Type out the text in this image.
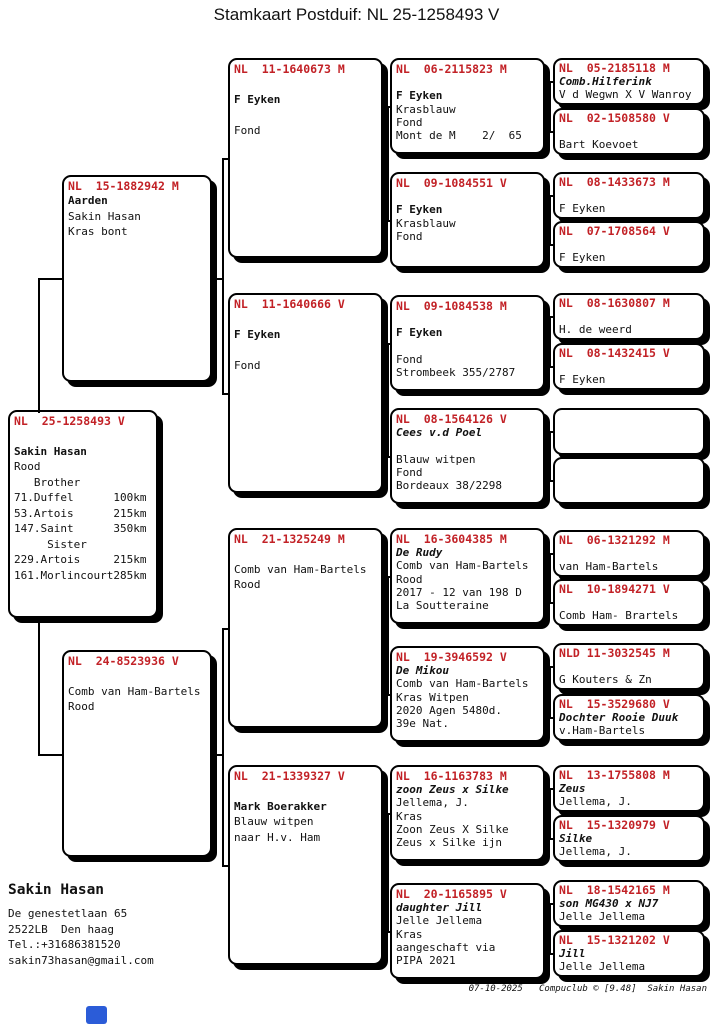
Stamkaart Postduif: NL 25-1258493 V
NL  25-1258493 V

Sakin Hasan
Rood
Brother
71.Duffel      100km
53.Artois      215km
147.Saint      350km
Sister
229.Artois     215km
161.Morlincourt285km
NL  15-1882942 M
Aarden
Sakin Hasan
Kras bont
NL  24-8523936 V

Comb van Ham-Bartels
Rood
NL  11-1640673 M

F Eyken

Fond
NL  11-1640666 V

F Eyken

Fond
NL  21-1325249 M

Comb van Ham-Bartels
Rood
NL  21-1339327 V

Mark Boerakker
Blauw witpen
naar H.v. Ham
NL  06-2115823 M

F Eyken
Krasblauw
Fond
Mont de M    2/  65
NL  09-1084551 V

F Eyken
Krasblauw
Fond
NL  09-1084538 M

F Eyken

Fond
Strombeek 355/2787
NL  08-1564126 V
Cees v.d Poel

Blauw witpen
Fond
Bordeaux 38/2298
NL  16-3604385 M
De Rudy
Comb van Ham-Bartels
Rood
2017 - 12 van 198 D
La Soutteraine
NL  19-3946592 V
De Mikou
Comb van Ham-Bartels
Kras Witpen
2020 Agen 5480d.
39e Nat.
NL  16-1163783 M
zoon Zeus x Silke
Jellema, J.
Kras
Zoon Zeus X Silke
Zeus x Silke ijn
NL  20-1165895 V
daughter Jill
Jelle Jellema
Kras
aangeschaft via
PIPA 2021
NL  05-2185118 M
Comb.Hilferink
V d Wegwn X V Wanroy
NL  02-1508580 V

Bart Koevoet
NL  08-1433673 M

F Eyken
NL  07-1708564 V

F Eyken
NL  08-1630807 M

H. de weerd
NL  08-1432415 V

F Eyken
NL  06-1321292 M

van Ham-Bartels
NL  10-1894271 V

Comb Ham- Brartels
NLD 11-3032545 M

G Kouters & Zn
NL  15-3529680 V
Dochter Rooie Duuk
v.Ham-Bartels
NL  13-1755808 M
Zeus
Jellema, J.
NL  15-1320979 V
Silke
Jellema, J.
NL  18-1542165 M
son MG430 x NJ7
Jelle Jellema
NL  15-1321202 V
Jill
Jelle Jellema
Sakin Hasan
De genestetlaan 65
2522LB  Den haag
Tel.:+31686381520
sakin73hasan@gmail.com
07-10-2025   Compuclub © [9.48]  Sakin Hasan
